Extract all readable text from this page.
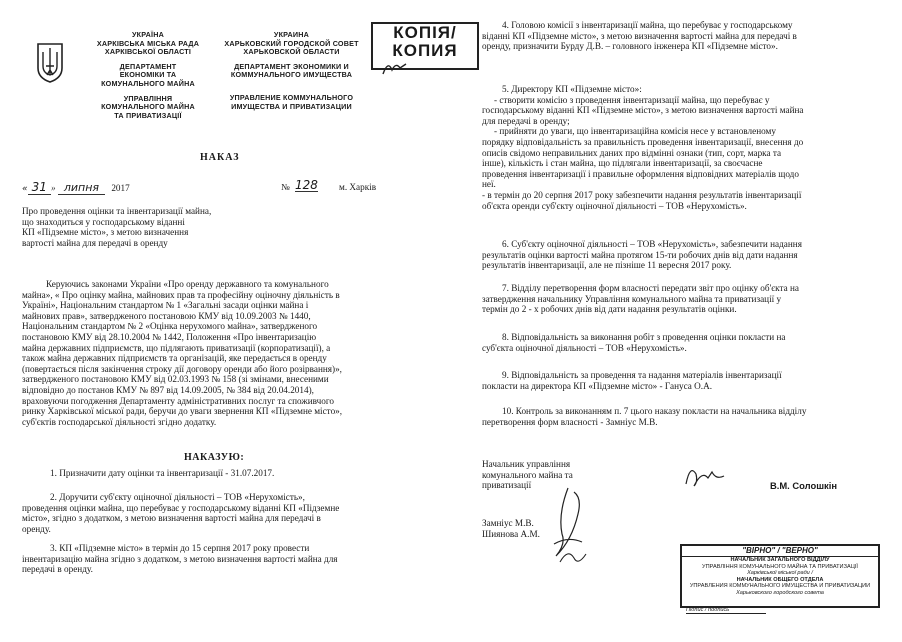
УКРАЇНА
ХАРКІВСЬКА МІСЬКА РАДА
ХАРКІВСЬКОЇ ОБЛАСТІ
ДЕПАРТАМЕНТ
ЕКОНОМІКИ ТА
КОМУНАЛЬНОГО МАЙНА
УПРАВЛІННЯ
КОМУНАЛЬНОГО МАЙНА
ТА ПРИВАТИЗАЦІЇ
УКРАИНА
ХАРЬКОВСКИЙ ГОРОДСКОЙ СОВЕТ
ХАРЬКОВСКОЙ ОБЛАСТИ
ДЕПАРТАМЕНТ ЭКОНОМИКИ И
КОММУНАЛЬНОГО ИМУЩЕСТВА
УПРАВЛЕНИЕ КОММУНАЛЬНОГО
ИМУЩЕСТВА И ПРИВАТИЗАЦИИ
КОПІЯ/
КОПИЯ
НАКАЗ
« 31 » липня 2017	№ 128 м. Харків
Про проведення оцінки та інвентаризації майна,
що знаходиться у господарському віданні
КП «Підземне місто», з метою визначення
вартості майна для передачі в оренду
Керуючись законами України «Про оренду державного та комунального
майна», « Про оцінку майна, майнових прав та професійну оціночну діяльність в
Україні», Національним стандартом № 1 «Загальні засади оцінки майна і
майнових прав», затвердженого постановою КМУ від 10.09.2003 № 1440,
Національним стандартом № 2 «Оцінка нерухомого майна», затвердженого
постановою КМУ від 28.10.2004 № 1442, Положення «Про інвентаризацію
майна державних підприємств, що підлягають приватизації (корпоратизації), а
також майна державних підприємств та організацій, яке передається в оренду
(повертається після закінчення строку дії договору оренди або його розірвання)»,
затвердженого постановою КМУ від 02.03.1993 № 158 (зі змінами, внесеними
відповідно до постанов КМУ № 897 від 14.09.2005, № 384 від 20.04.2014),
враховуючи погодження Департаменту адміністративних послуг та споживчого
ринку Харківської міської ради, беручи до уваги звернення КП «Підземне місто»,
суб'єктів господарської діяльності згідно додатку.
НАКАЗУЮ:
1. Призначити дату оцінки та інвентаризації - 31.07.2017.
2. Доручити суб'єкту оціночної діяльності – ТОВ «Нерухомість»,
проведення оцінки майна, що перебуває у господарському віданні КП «Підземне
місто», згідно з додатком, з метою визначення вартості майна для передачі в
оренду.
3. КП «Підземне місто» в термін до 15 серпня 2017 року провести
інвентаризацію майна згідно з додатком, з метою визначення вартості майна для
передачі в оренду.
4. Головою комісії з інвентаризації майна, що перебуває у господарському
віданні КП «Підземне місто», з метою визначення вартості майна для передачі в
оренду, призначити Бурду Д.В. – головного інженера КП «Підземне місто».
5. Директору КП «Підземне місто»:
- створити комісію з проведення інвентаризації майна, що перебуває у
господарському віданні КП «Підземне місто», з метою визначення вартості майна
для передачі в оренду;
- прийняти до уваги, що інвентаризаційна комісія несе у встановленому
порядку відповідальність за правильність проведення інвентаризації, внесення до
описів свідомо неправильних даних про відмінні ознаки (тип, сорт, марка та
інше), кількість і стан майна, що підлягали інвентаризації, за своєчасне
проведення інвентаризації і правильне оформлення відповідних матеріалів щодо
неї.
- в термін до 20 серпня 2017 року забезпечити надання результатів інвентаризації
об'єкта оренди суб'єкту оціночної діяльності – ТОВ «Нерухомість».
6. Суб'єкту оціночної діяльності – ТОВ «Нерухомість», забезпечити надання
результатів оцінки вартості майна протягом 15-ти робочих днів від дати надання
результатів інвентаризації, але не пізніше 11 вересня 2017 року.
7. Відділу перетворення форм власності передати звіт про оцінку об'єкта на
затвердження начальнику Управління комунального майна та приватизації у
термін до 2 - х робочих днів від дати надання результатів оцінки.
8. Відповідальність за виконання робіт з проведення оцінки покласти на
суб'єкта оціночної діяльності – ТОВ «Нерухомість».
9. Відповідальність за проведення та надання матеріалів інвентаризації
покласти на директора КП «Підземне місто» - Гануса О.А.
10. Контроль за виконанням п. 7 цього наказу покласти на начальника відділу
перетворення форм власності - Замніус М.В.
Начальник управління
комунального майна та
приватизації	В.М. Солошкін
Замніус М.В.
Шиянова А.М.
"ВІРНО" / "ВЕРНО"
НАЧАЛЬНИК ЗАГАЛЬНОГО ВІДДІЛУ
УПРАВЛІННЯ КОМУНАЛЬНОГО МАЙНА ТА ПРИВАТИЗАЦІЇ
Харківської міської ради /
НАЧАЛЬНИК ОБЩЕГО ОТДЕЛА
УПРАВЛЕНИЯ КОММУНАЛЬНОГО ИМУЩЕСТВА И ПРИВАТИЗАЦИИ
Харьковского городского совета
Підпис / подпись
